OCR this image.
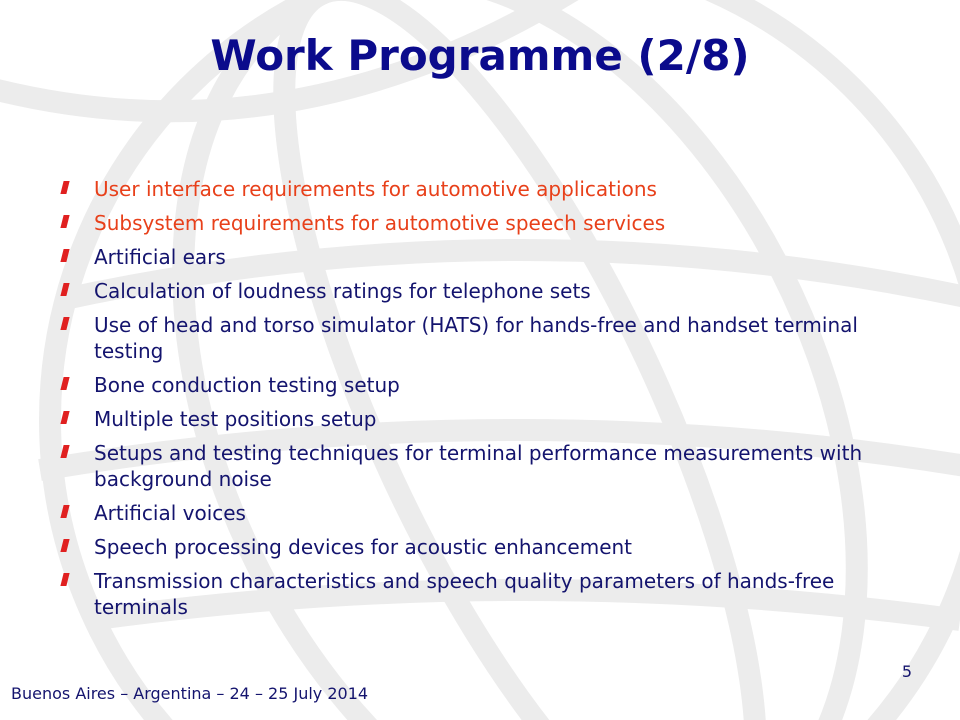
Work Programme (2/8)
User interface requirements for automotive applications
Subsystem requirements for automotive speech services
Artificial ears
Calculation of loudness ratings for telephone sets
Use of head and torso simulator (HATS) for hands-free and handset terminal testing
Bone conduction testing setup
Multiple test positions setup
Setups and testing techniques for terminal performance measurements with background noise
Artificial voices
Speech processing devices for acoustic enhancement
Transmission characteristics and speech quality parameters of hands-free terminals
5
Buenos Aires – Argentina – 24 – 25 July 2014
